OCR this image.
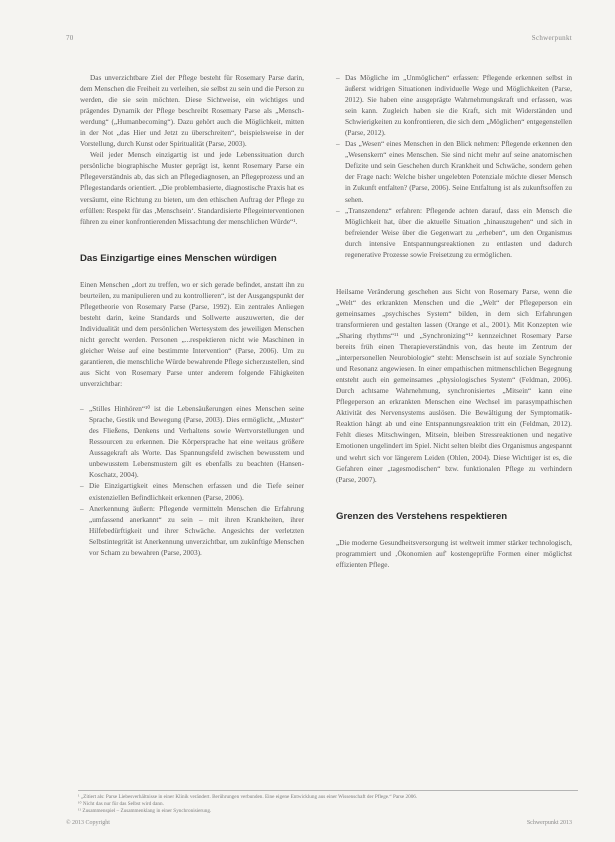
70	Schwerpunkt

Das unverzichtbare Ziel der Pflege besteht für Rosemary Parse darin, dem Menschen die Freiheit zu verleihen, sie selbst zu sein und die Person zu werden, die sie sein möchten. Diese Sichtweise, ein wichtiges und prägendes Dynamik der Pflege beschreibt Rosemary Parse als „Mensch-werdung“ („Humanbecoming“). Dazu gehört auch die Möglichkeit, mitten in der Not „das Hier und Jetzt zu überschreiten“, beispielsweise in der Vorstellung, durch Kunst oder Spiritualität (Parse, 2003).

Weil jeder Mensch einzigartig ist und jede Lebenssituation durch persönliche biographische Muster geprägt ist, kennt Rosemary Parse ein Pflegeverständnis ab, das sich an Pflegediagnosen, an Pflegeprozess und an Pflegestandards orientiert. „Die problembasierte, diagnostische Praxis hat es versäumt, eine Richtung zu bieten, um den ethischen Auftrag der Pflege zu erfüllen: Respekt für das ‚Menschsein‘. Standardisierte Pflegeinterventionen führen zu einer konfrontierenden Missachtung der menschlichen Würde“¹.

Das Einzigartige eines Menschen würdigen

Einen Menschen „dort zu treffen, wo er sich gerade befindet, anstatt ihn zu beurteilen, zu manipulieren und zu kontrollieren“, ist der Ausgangspunkt der Pflegetheorie von Rosemary Parse (Parse, 1992). Ein zentrales Anliegen besteht darin, keine Standards und Sollwerte auszuwerten, die der Individualität und dem persönlichen Wertesystem des jeweiligen Menschen nicht gerecht werden. Personen „...respektieren nicht wie Maschinen in gleicher Weise auf eine bestimmte Intervention“ (Parse, 2006). Um zu garantieren, die menschliche Würde bewahrende Pflege sicherzustellen, sind aus Sicht von Rosemary Parse unter anderem folgende Fähigkeiten unverzichtbar:

– „Stilles Hinhören“¹⁰ ist die Lebensäußerungen eines Menschen seine Sprache, Gestik und Bewegung (Parse, 2003). Dies ermöglicht, „Muster“ des Fließens, Denkens und Verhaltens sowie Wertvorstellungen und Ressourcen zu erkennen. Die Körpersprache hat eine weitaus größere Aussagekraft als Worte. Das Spannungsfeld zwischen bewusstem und unbewusstem Lebensmustern gilt es ebenfalls zu beachten (Hansen-Koschatz, 2004).
– Die Einzigartigkeit eines Menschen erfassen und die Tiefe seiner existenziellen Befindlichkeit erkennen (Parse, 2006).
– Anerkennung äußern: Pflegende vermitteln Menschen die Erfahrung „umfassend anerkannt“ zu sein – mit ihren Krankheiten, ihrer Hilfebedürftigkeit und ihrer Schwäche. Angesichts der verletzten Selbstintegrität ist Anerkennung unverzichtbar, um zukünftige Menschen vor Scham zu bewahren (Parse, 2003).
– Das Mögliche im „Unmöglichen“ erfassen: Pflegende erkennen selbst in äußerst widrigen Situationen individuelle Wege und Möglichkeiten (Parse, 2012). Sie haben eine ausgeprägte Wahrnehmungskraft und erfassen, was sein kann. Zugleich haben sie die Kraft, sich mit Widerständen und Schwierigkeiten zu konfrontieren, die sich dem „Möglichen“ entgegenstellen (Parse, 2012).
– Das „Wesen“ eines Menschen in den Blick nehmen: Pflegende erkennen den „Wesenskern“ eines Menschen. Sie sind nicht mehr auf seine anatomischen Defizite und sein Geschehen durch Krankheit und Schwäche, sondern gehen der Frage nach: Welche bisher ungelebten Potenziale möchte dieser Mensch in Zukunft entfalten? (Parse, 2006). Seine Entfaltung ist als zukunftsoffen zu sehen.
– „Transzendenz“ erfahren: Pflegende achten darauf, dass ein Mensch die Möglichkeit hat, über die aktuelle Situation „hinauszugehen“ und sich in befreiender Weise über die Gegenwart zu „erheben“, um den Organismus durch intensive Entspannungsreaktionen zu entlasten und dadurch regenerative Prozesse sowie Freisetzung zu ermöglichen.

Heilsame Veränderung geschehen aus Sicht von Rosemary Parse, wenn die „Welt“ des erkrankten Menschen und die „Welt“ der Pflegeperson ein gemeinsames „psychisches System“ bilden, in dem sich Erfahrungen transformieren und gestalten lassen (Orange et al., 2001). Mit Konzepten wie „Sharing rhythms“¹¹ und „Synchronizing“¹² kennzeichnet Rosemary Parse bereits früh einen Therapieverständnis von, das heute im Zentrum der „interpersonellen Neurobiologie“ steht: Menschsein ist auf soziale Synchronie und Resonanz angewiesen. In einer empathischen mitmenschlichen Begegnung entsteht auch ein gemeinsames „physiologisches System“ (Feldman, 2006). Durch achtsame Wahrnehmung, synchronisiertes „Mitsein“ kann eine Pflegeperson an erkrankten Menschen eine Wechsel im parasympathischen Aktivität des Nervensystems auslösen. Die Bewältigung der Symptomatik-Reaktion hängt ab und eine Entspannungsreaktion tritt ein (Feldman, 2012). Fehlt dieses Mitschwingen, Mitsein, bleiben Stressreaktionen und negative Emotionen ungelindert im Spiel. Nicht selten bleibt dies Organismus angespannt und wehrt sich vor längerem Leiden (Ohlen, 2004). Diese Wichtiger ist es, die Gefahren einer „tagesmodischen“ bzw. funktionalen Pflege zu verhindern (Parse, 2007).

Grenzen des Verstehens respektieren

„Die moderne Gesundheitsversorgung ist weltweit immer stärker technologisch, programmiert und ‚Ökonomien auf' kostengeprüfte Formen einer möglichst effizienten Pflege.

¹ „Zitiert als: Parse Liebesverhältnisse in einer Klinik verändert. Berührungen verbunden. Eine eigene Entwicklung aus einer Wissenschaft der Pflege.“ Parse 2006.
¹⁰ Nicht das nur für das Selbst wird dann.
¹¹ Zusammenspiel – Zusammenklang in einer Synchronisierung.
© 2013 Copyright	Schwerpunkt 2013
